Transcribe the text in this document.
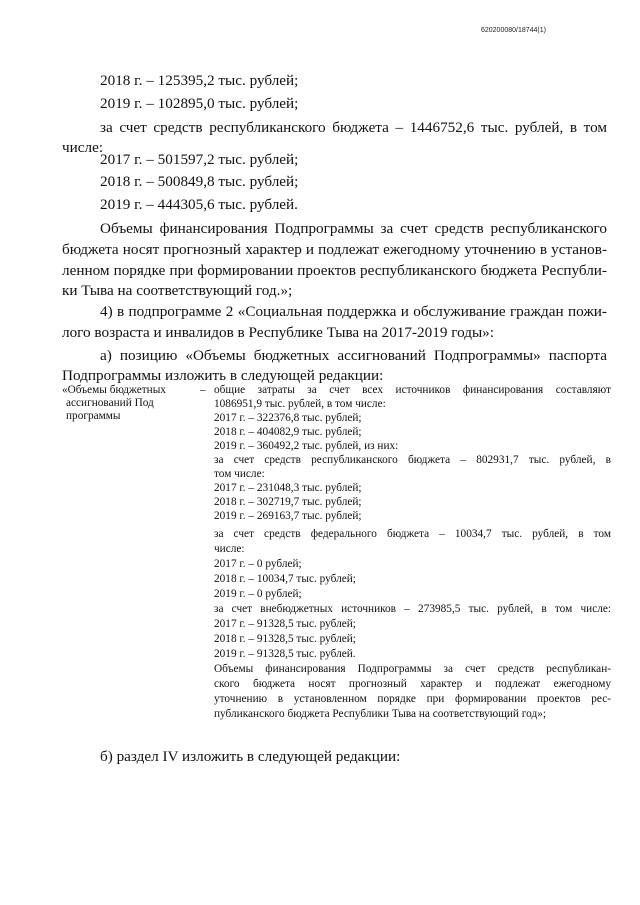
620200080/18744(1)
2018 г. – 125395,2 тыс. рублей;
2019 г. – 102895,0 тыс. рублей;
за счет средств республиканского бюджета – 1446752,6 тыс. рублей, в том
числе:
2017 г. – 501597,2 тыс. рублей;
2018 г. – 500849,8 тыс. рублей;
2019 г. – 444305,6 тыс. рублей.
Объемы финансирования Подпрограммы за счет средств республиканского
бюджета носят прогнозный характер и подлежат ежегодному уточнению в установ-
ленном порядке при формировании проектов республиканского бюджета Республи-
ки Тыва на соответствующий год.»;
4) в подпрограмме 2 «Социальная поддержка и обслуживание граждан пожи-
лого возраста и инвалидов в Республике Тыва на 2017-2019 годы»:
а) позицию «Объемы бюджетных ассигнований Подпрограммы» паспорта
Подпрограммы изложить в следующей редакции:
«Объемы бюджетных
ассигнований Под
программы
– общие затраты за счет всех источников финансирования составляют
1086951,9 тыс. рублей, в том числе:
2017 г. – 322376,8 тыс. рублей;
2018 г. – 404082,9 тыс. рублей;
2019 г. – 360492,2 тыс. рублей, из них:
за счет средств республиканского бюджета – 802931,7 тыс. рублей, в
том числе:
2017 г. – 231048,3 тыс. рублей;
2018 г. – 302719,7 тыс. рублей;
2019 г. – 269163,7 тыс. рублей;
за счет средств федерального бюджета – 10034,7 тыс. рублей, в том
числе:
2017 г. – 0 рублей;
2018 г. – 10034,7 тыс. рублей;
2019 г. – 0 рублей;
за счет внебюджетных источников – 273985,5 тыс. рублей, в том числе:
2017 г. – 91328,5 тыс. рублей;
2018 г. – 91328,5 тыс. рублей;
2019 г. – 91328,5 тыс. рублей.
Объемы финансирования Подпрограммы за счет средств республикан-
ского бюджета носят прогнозный характер и подлежат ежегодному
уточнению в установленном порядке при формировании проектов рес-
публиканского бюджета Республики Тыва на соответствующий год»;
б) раздел IV изложить в следующей редакции:
